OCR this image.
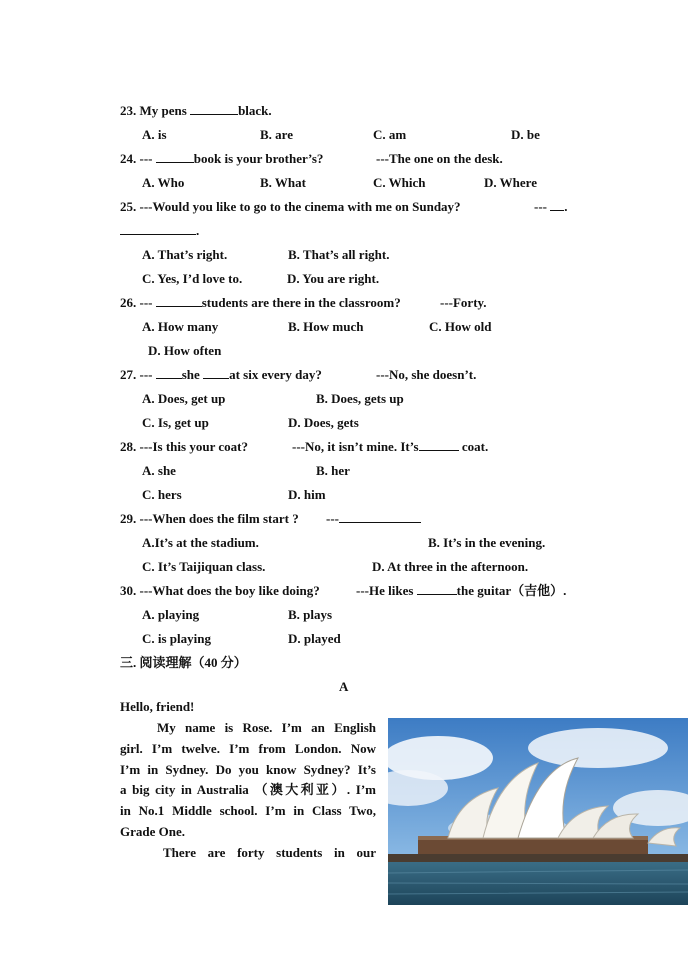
23. My pens	black.
A. is	B. are	C. am	D. be
24. ---	book is your brother’s?	---The one on the desk.
A. Who	B. What	C. Which	D. Where
25. ---Would you like to go to the cinema with me on Sunday?	--- .
.
A. That’s right.	B. That’s all right.
C. Yes, I’d love to.	D. You are right.
26. ---	students are there in the classroom?	---Forty.
A. How many	B. How much	C. How old
D. How often
27. --- she at six every day?	---No, she doesn’t.
A. Does, get up	B. Does, gets up
C. Is, get up	D. Does, gets
28. ---Is this your coat?	---No, it isn’t mine. It’s	coat.
A. she	B. her
C. hers	D. him
29. ---When does the film start ? ---
A.It’s at the stadium.	B. It’s in the evening.
C. It’s Taijiquan class.	D. At three in the afternoon.
30. ---What does the boy like doing?	---He likes	the guitar（吉他）.
A. playing	B. plays
C. is playing	D. played
三. 阅读理解（40 分）
A
Hello, friend!
My name is Rose. I’m an English
girl. I’m twelve. I’m from London. Now
I’m in Sydney. Do you know Sydney? It’s
a big city in Australia （澳大利亚）. I’m
in No.1 Middle school. I’m in Class Two,
Grade One.
There are forty students in our
